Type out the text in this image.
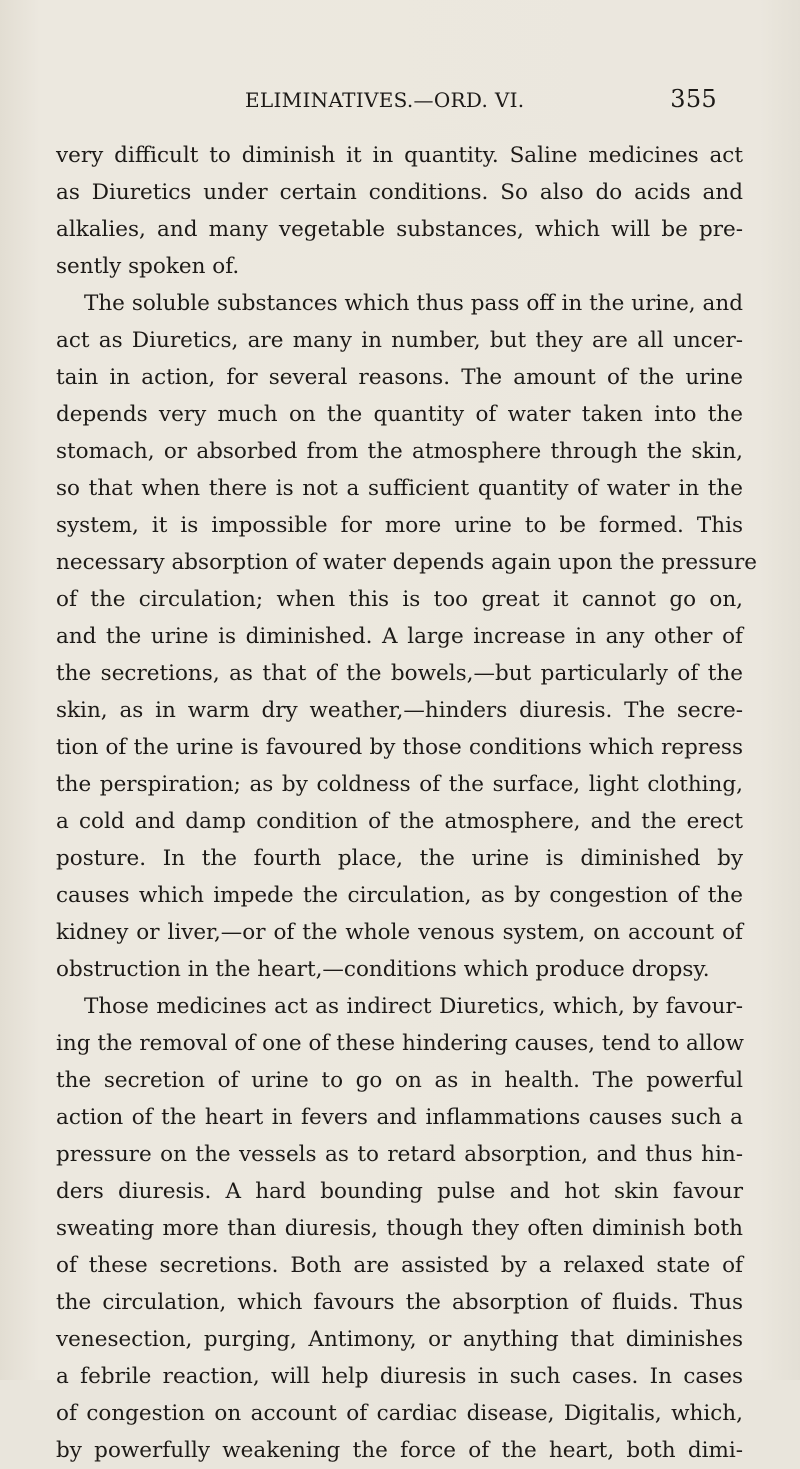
ELIMINATIVES.—ORD. VI.	355
very difficult to diminish it in quantity. Saline medicines act
as Diuretics under certain conditions. So also do acids and
alkalies, and many vegetable substances, which will be pre-
sently spoken of.
The soluble substances which thus pass off in the urine, and
act as Diuretics, are many in number, but they are all uncer-
tain in action, for several reasons. The amount of the urine
depends very much on the quantity of water taken into the
stomach, or absorbed from the atmosphere through the skin,
so that when there is not a sufficient quantity of water in the
system, it is impossible for more urine to be formed. This
necessary absorption of water depends again upon the pressure
of the circulation; when this is too great it cannot go on,
and the urine is diminished. A large increase in any other of
the secretions, as that of the bowels,—but particularly of the
skin, as in warm dry weather,—hinders diuresis. The secre-
tion of the urine is favoured by those conditions which repress
the perspiration; as by coldness of the surface, light clothing,
a cold and damp condition of the atmosphere, and the erect
posture. In the fourth place, the urine is diminished by
causes which impede the circulation, as by congestion of the
kidney or liver,—or of the whole venous system, on account of
obstruction in the heart,—conditions which produce dropsy.
Those medicines act as indirect Diuretics, which, by favour-
ing the removal of one of these hindering causes, tend to allow
the secretion of urine to go on as in health. The powerful
action of the heart in fevers and inflammations causes such a
pressure on the vessels as to retard absorption, and thus hin-
ders diuresis. A hard bounding pulse and hot skin favour
sweating more than diuresis, though they often diminish both
of these secretions. Both are assisted by a relaxed state of
the circulation, which favours the absorption of fluids. Thus
venesection, purging, Antimony, or anything that diminishes
a febrile reaction, will help diuresis in such cases. In cases
of congestion on account of cardiac disease, Digitalis, which,
by powerfully weakening the force of the heart, both dimi-
